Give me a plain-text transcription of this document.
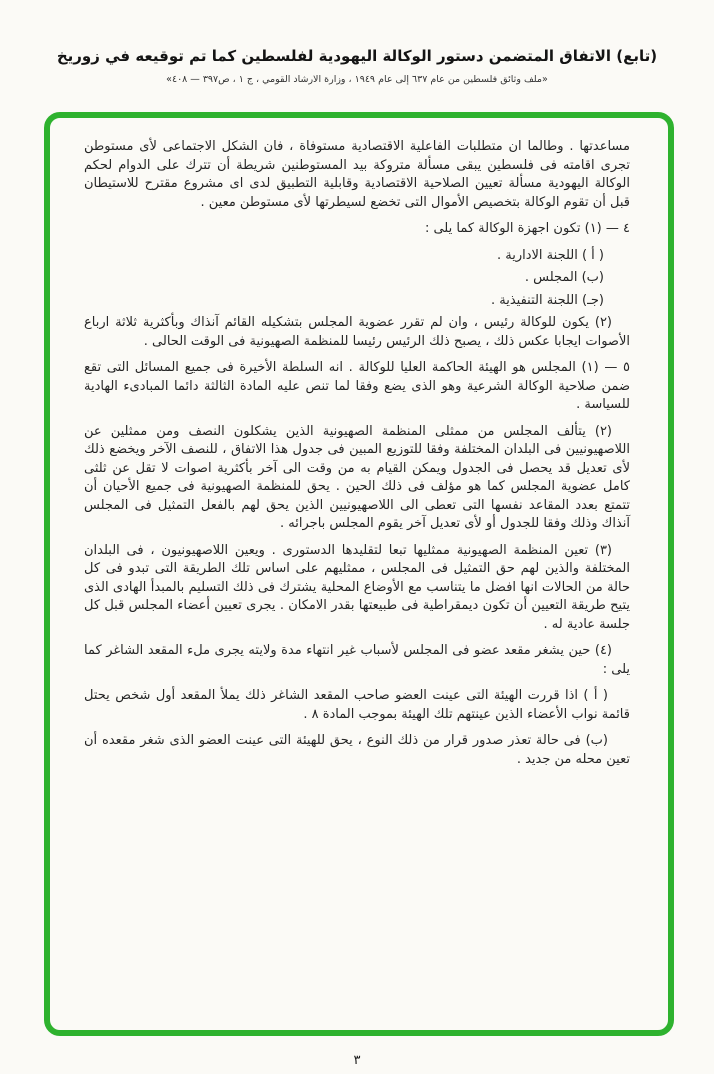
(تابع) الاتفاق المتضمن دستور الوكالة اليهودية لفلسطين كما تم توقيعه في زوريخ
«ملف وثائق فلسطين من عام ٦٣٧ إلى عام ١٩٤٩ ، وزارة الارشاد القومي ، ج ١ ، ص٣٩٧ — ٤٠٨»

مساعدتها . وطالما ان متطلبات الفاعلية الاقتصادية مستوفاة ، فان الشكل الاجتماعى لأى مستوطن تجرى اقامته فى فلسطين يبقى مسألة متروكة بيد المستوطنين شريطة أن تترك على الدوام لحكم الوكالة اليهودية مسألة تعيين الصلاحية الاقتصادية وقابلية التطبيق لدى اى مشروع مقترح للاستيطان قبل أن تقوم الوكالة بتخصيص الأموال التى تخضع لسيطرتها لأى مستوطن معين .

٤ — (١) تكون اجهزة الوكالة كما يلى :

( أ ) اللجنة الادارية .

(ب) المجلس .

(جـ) اللجنة التنفيذية .

(٢) يكون للوكالة رئيس ، وان لم تقرر عضوية المجلس بتشكيله القائم آنذاك وبأكثرية ثلاثة ارباع الأصوات ايجابا عكس ذلك ، يصبح ذلك الرئيس رئيسا للمنظمة الصهيونية فى الوقت الحالى .

٥ — (١) المجلس هو الهيئة الحاكمة العليا للوكالة . انه السلطة الأخيرة فى جميع المسائل التى تقع ضمن صلاحية الوكالة الشرعية وهو الذى يضع وفقا لما تنص عليه المادة الثالثة دائما المبادىء الهادية للسياسة .

(٢) يتألف المجلس من ممثلى المنظمة الصهيونية الذين يشكلون النصف ومن ممثلين عن اللاصهيونيين فى البلدان المختلفة وفقا للتوزيع المبين فى جدول هذا الاتفاق ، للنصف الآخر ويخضع ذلك لأى تعديل قد يحصل فى الجدول ويمكن القيام به من وقت الى آخر بأكثرية اصوات لا تقل عن ثلثى كامل عضوية المجلس كما هو مؤلف فى ذلك الحين . يحق للمنظمة الصهيونية فى جميع الأحيان أن تتمتع بعدد المقاعد نفسها التى تعطى الى اللاصهيونيين الذين يحق لهم بالفعل التمثيل فى المجلس آنذاك وذلك وفقا للجدول أو لأى تعديل آخر يقوم المجلس باجرائه .

(٣) تعين المنظمة الصهيونية ممثليها تبعا لتقليدها الدستورى . ويعين اللاصهيونيون ، فى البلدان المختلفة والذين لهم حق التمثيل فى المجلس ، ممثليهم على اساس تلك الطريقة التى تبدو فى كل حالة من الحالات انها افضل ما يتناسب مع الأوضاع المحلية يشترك فى ذلك التسليم بالمبدأ الهادى الذى يتيح طريقة التعيين أن تكون ديمقراطية فى طبيعتها بقدر الامكان . يجرى تعيين أعضاء المجلس قبل كل جلسة عادية له .

(٤) حين يشغر مقعد عضو فى المجلس لأسباب غير انتهاء مدة ولايته يجرى ملء المقعد الشاغر كما يلى :

( أ ) اذا قررت الهيئة التى عينت العضو صاحب المقعد الشاغر ذلك يملأ المقعد أول شخص يحتل قائمة نواب الأعضاء الذين عينتهم تلك الهيئة بموجب المادة ٨ .

(ب) فى حالة تعذر صدور قرار من ذلك النوع ، يحق للهيئة التى عينت العضو الذى شغر مقعده أن تعين محله من جديد .

٣
